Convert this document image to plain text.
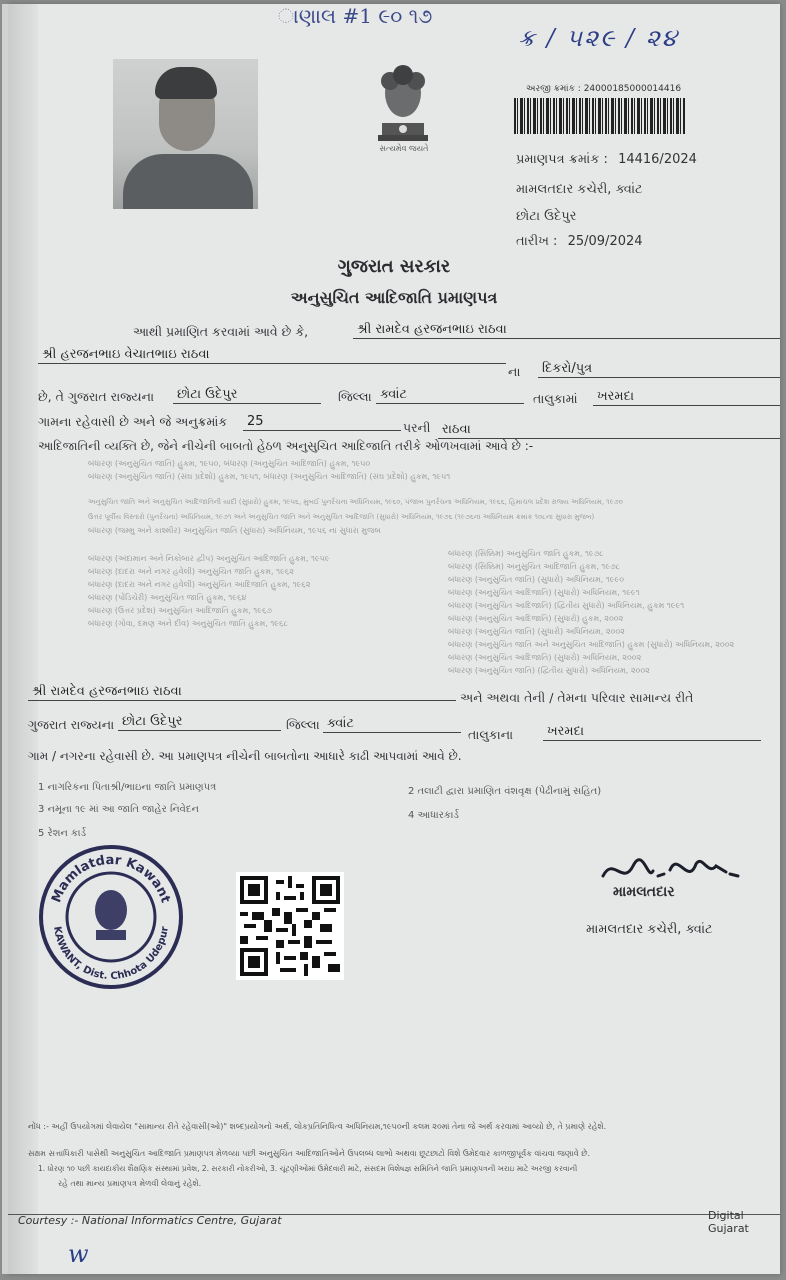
ાણાલ #1 ૯૦ ૧૭
ક્ર / ૫૨૯ / ૨૪
સત્યમેવ જયતે
અરજી ક્રમાંક : 24000185000014416
પ્રમાણપત્ર ક્રમાંક : 14416/2024
મામલતદાર કચેરી, ક્વાંટ
છોટા ઉદેપુર
તારીખ : 25/09/2024
ગુજરાત સરકાર
અનુસુચિત આદિજાતિ પ્રમાણપત્ર
આથી પ્રમાણિત કરવામાં આવે છે કે,	શ્રી રામદેવ હરજનભાઇ રાઠવા
શ્રી હરજનભાઇ વેચાતભાઇ રાઠવા
ના	દિકરો/પુત્ર
છે, તે ગુજરાત રાજ્યના	છોટા ઉદેપુર	જિલ્લા ક્વાંટ	તાલુકામાં	ખરમદા
ગામના રહેવાસી છે અને જે અનુક્રમાંક	25	પરની રાઠવા
આદિજાતિની વ્યક્તિ છે, જેને નીચેની બાબતો હેઠળ અનુસુચિત આદિજાતિ તરીકે ઓળખવામાં આવે છે :-
બંધારણ (અનુસુચિત જાતિ) હુકમ, ૧૯૫૦, બંધારણ (અનુસુચિત આદિજાતિ) હુકમ, ૧૯૫૦
બંધારણ (અનુસુચિત જાતિ) (સંઘ પ્રદેશો) હુકમ, ૧૯૫૧, બંધારણ (અનુસુચિત આદિજાતિ) (સંઘ પ્રદેશો) હુકમ, ૧૯૫૧
અનુસુચિત જાતિ અને અનુસુચિત આદિજાતિની યાદી (સુધારો) હુકમ, ૧૯૫૬, મુંબઈ પુનર્રચના અધિનિયમ, ૧૯૬૦, પંજાબ પુનર્રચના અધિનિયમ, ૧૯૬૬, હિમાચલ પ્રદેશ રાજ્ય અધિનિયમ, ૧૯૭૦
ઉત્તર પૂર્વીય વિસ્તારો (પુનર્રચના) અધિનિયમ, ૧૯૭૧ અને અનુસુચિત જાતિ અને અનુસુચિત આદિજાતિ (સુધારો) અધિનિયમ, ૧૯૭૬ (૧૯૭૬ના અધિનિયમ ક્રમાંક ૧૦૮ના સુધારા મુજબ)
બંધારણ (જમ્મુ અને કાશ્મીર) અનુસુચિત જાતિ (સુધારા) અધિનિયમ, ૧૯૫૬ ના સુધારા મુજબ
બંધારણ (અંદામાન અને નિકોબાર દ્વીપ) અનુસુચિત આદિજાતિ હુકમ, ૧૯૫૯
બંધારણ (દાદરા અને નગર હવેલી) અનુસુચિત જાતિ હુકમ, ૧૯૬૨
બંધારણ (દાદરા અને નગર હવેલી) અનુસુચિત આદિજાતિ હુકમ, ૧૯૬૨
બંધારણ (પોંડિચેરી) અનુસુચિત જાતિ હુકમ, ૧૯૬૪
બંધારણ (ઉત્તર પ્રદેશ) અનુસુચિત આદિજાતિ હુકમ, ૧૯૬૭
બંધારણ (ગોવા, દમણ અને દીવ) અનુસુચિત જાતિ હુકમ, ૧૯૬૮
બંધારણ (સિક્કિમ) અનુસુચિત જાતિ હુકમ, ૧૯૭૮
બંધારણ (સિક્કિમ) અનુસુચિત આદિજાતિ હુકમ, ૧૯૭૮
બંધારણ (અનુસુચિત જાતિ) (સુધારો) અધિનિયમ, ૧૯૯૦
બંધારણ (અનુસુચિત આદિજાતિ) (સુધારો) અધિનિયમ, ૧૯૯૧
બંધારણ (અનુસુચિત આદિજાતિ) (દ્વિતીય સુધારો) અધિનિયમ, હુકમ ૧૯૯૧
બંધારણ (અનુસુચિત આદિજાતિ) (સુધારો) હુકમ, ૨૦૦૨
બંધારણ (અનુસુચિત જાતિ) (સુધારો) અધિનિયમ, ૨૦૦૨
બંધારણ (અનુસુચિત જાતિ અને અનુસુચિત આદિજાતિ) હુકમ (સુધારો) અધિનિયમ, ૨૦૦૨
બંધારણ (અનુસુચિત આદિજાતિ) (સુધારો) અધિનિયમ, ૨૦૦૨
બંધારણ (અનુસુચિત જાતિ) (દ્વિતીય સુધારો) અધિનિયમ, ૨૦૦૨
શ્રી રામદેવ હરજનભાઇ રાઠવા	અને અથવા તેની / તેમના પરિવાર સામાન્ય રીતે
ગુજરાત રાજ્યના છોટા ઉદેપુર	જિલ્લા ક્વાંટ
તાલુકાના	ખરમદા
ગામ / નગરના રહેવાસી છે. આ પ્રમાણપત્ર નીચેની બાબતોના આધારે કાઢી આપવામાં આવે છે.
1 નાગરિકના પિતાશ્રી/ભાઇના જાતિ પ્રમાણપત્ર	2 તલાટી દ્વારા પ્રમાણિત વંશવૃક્ષ (પેઢીનામું સહિત)
3 નમૂના ૧૯ માં આ જાતિ જાહેર નિવેદન
4 આધારકાર્ડ
5 રેશન કાર્ડ
Mamlatdar Kawant
KAWANT, Dist. Chhota Udepur
મામલતદાર
મામલતદાર કચેરી, ક્વાંટ
નોંધ :- અહીં ઉપયોગમાં લેવાયેલ "સામાન્ય રીતે રહેવાસી(ઓ)" શબ્દપ્રયોગનો અર્થ, લોકપ્રતિનિધિત્વ અધિનિયમ,૧૯૫૦ની કલમ ૨૦માં તેના જે અર્થ કરવામાં આવ્યો છે, તે પ્રમાણે રહેશે.
સક્ષમ સત્તાધિકારી પાસેથી અનુસુચિત આદિજાતિ પ્રમાણપત્ર મેળવ્યા પછી અનુસુચિત આદિજાતિઓને ઉપલબ્ધ લાભો અથવા છૂટછાટો વિશે ઉમેદવાર કાળજીપૂર્વક વાંચવા જણાવે છે.
1. ધોરણ ૧૦ પછી કાયદાકીય શૈક્ષણિક સંસ્થામાં પ્રવેશ, 2. સરકારી નોકરીઓ, 3. ચૂંટણીઓમાં ઉમેદવારી માટે, સંસદમ વિશેષજ્ઞ સમિતિને જાતિ પ્રમાણપત્રની ખરાઇ માટે અરજી કરવાની
રહે તથા માન્ય પ્રમાણપત્ર મેળવી લેવાનું રહેશે.
Courtesy :- National Informatics Centre, Gujarat	Digital Gujarat
w
